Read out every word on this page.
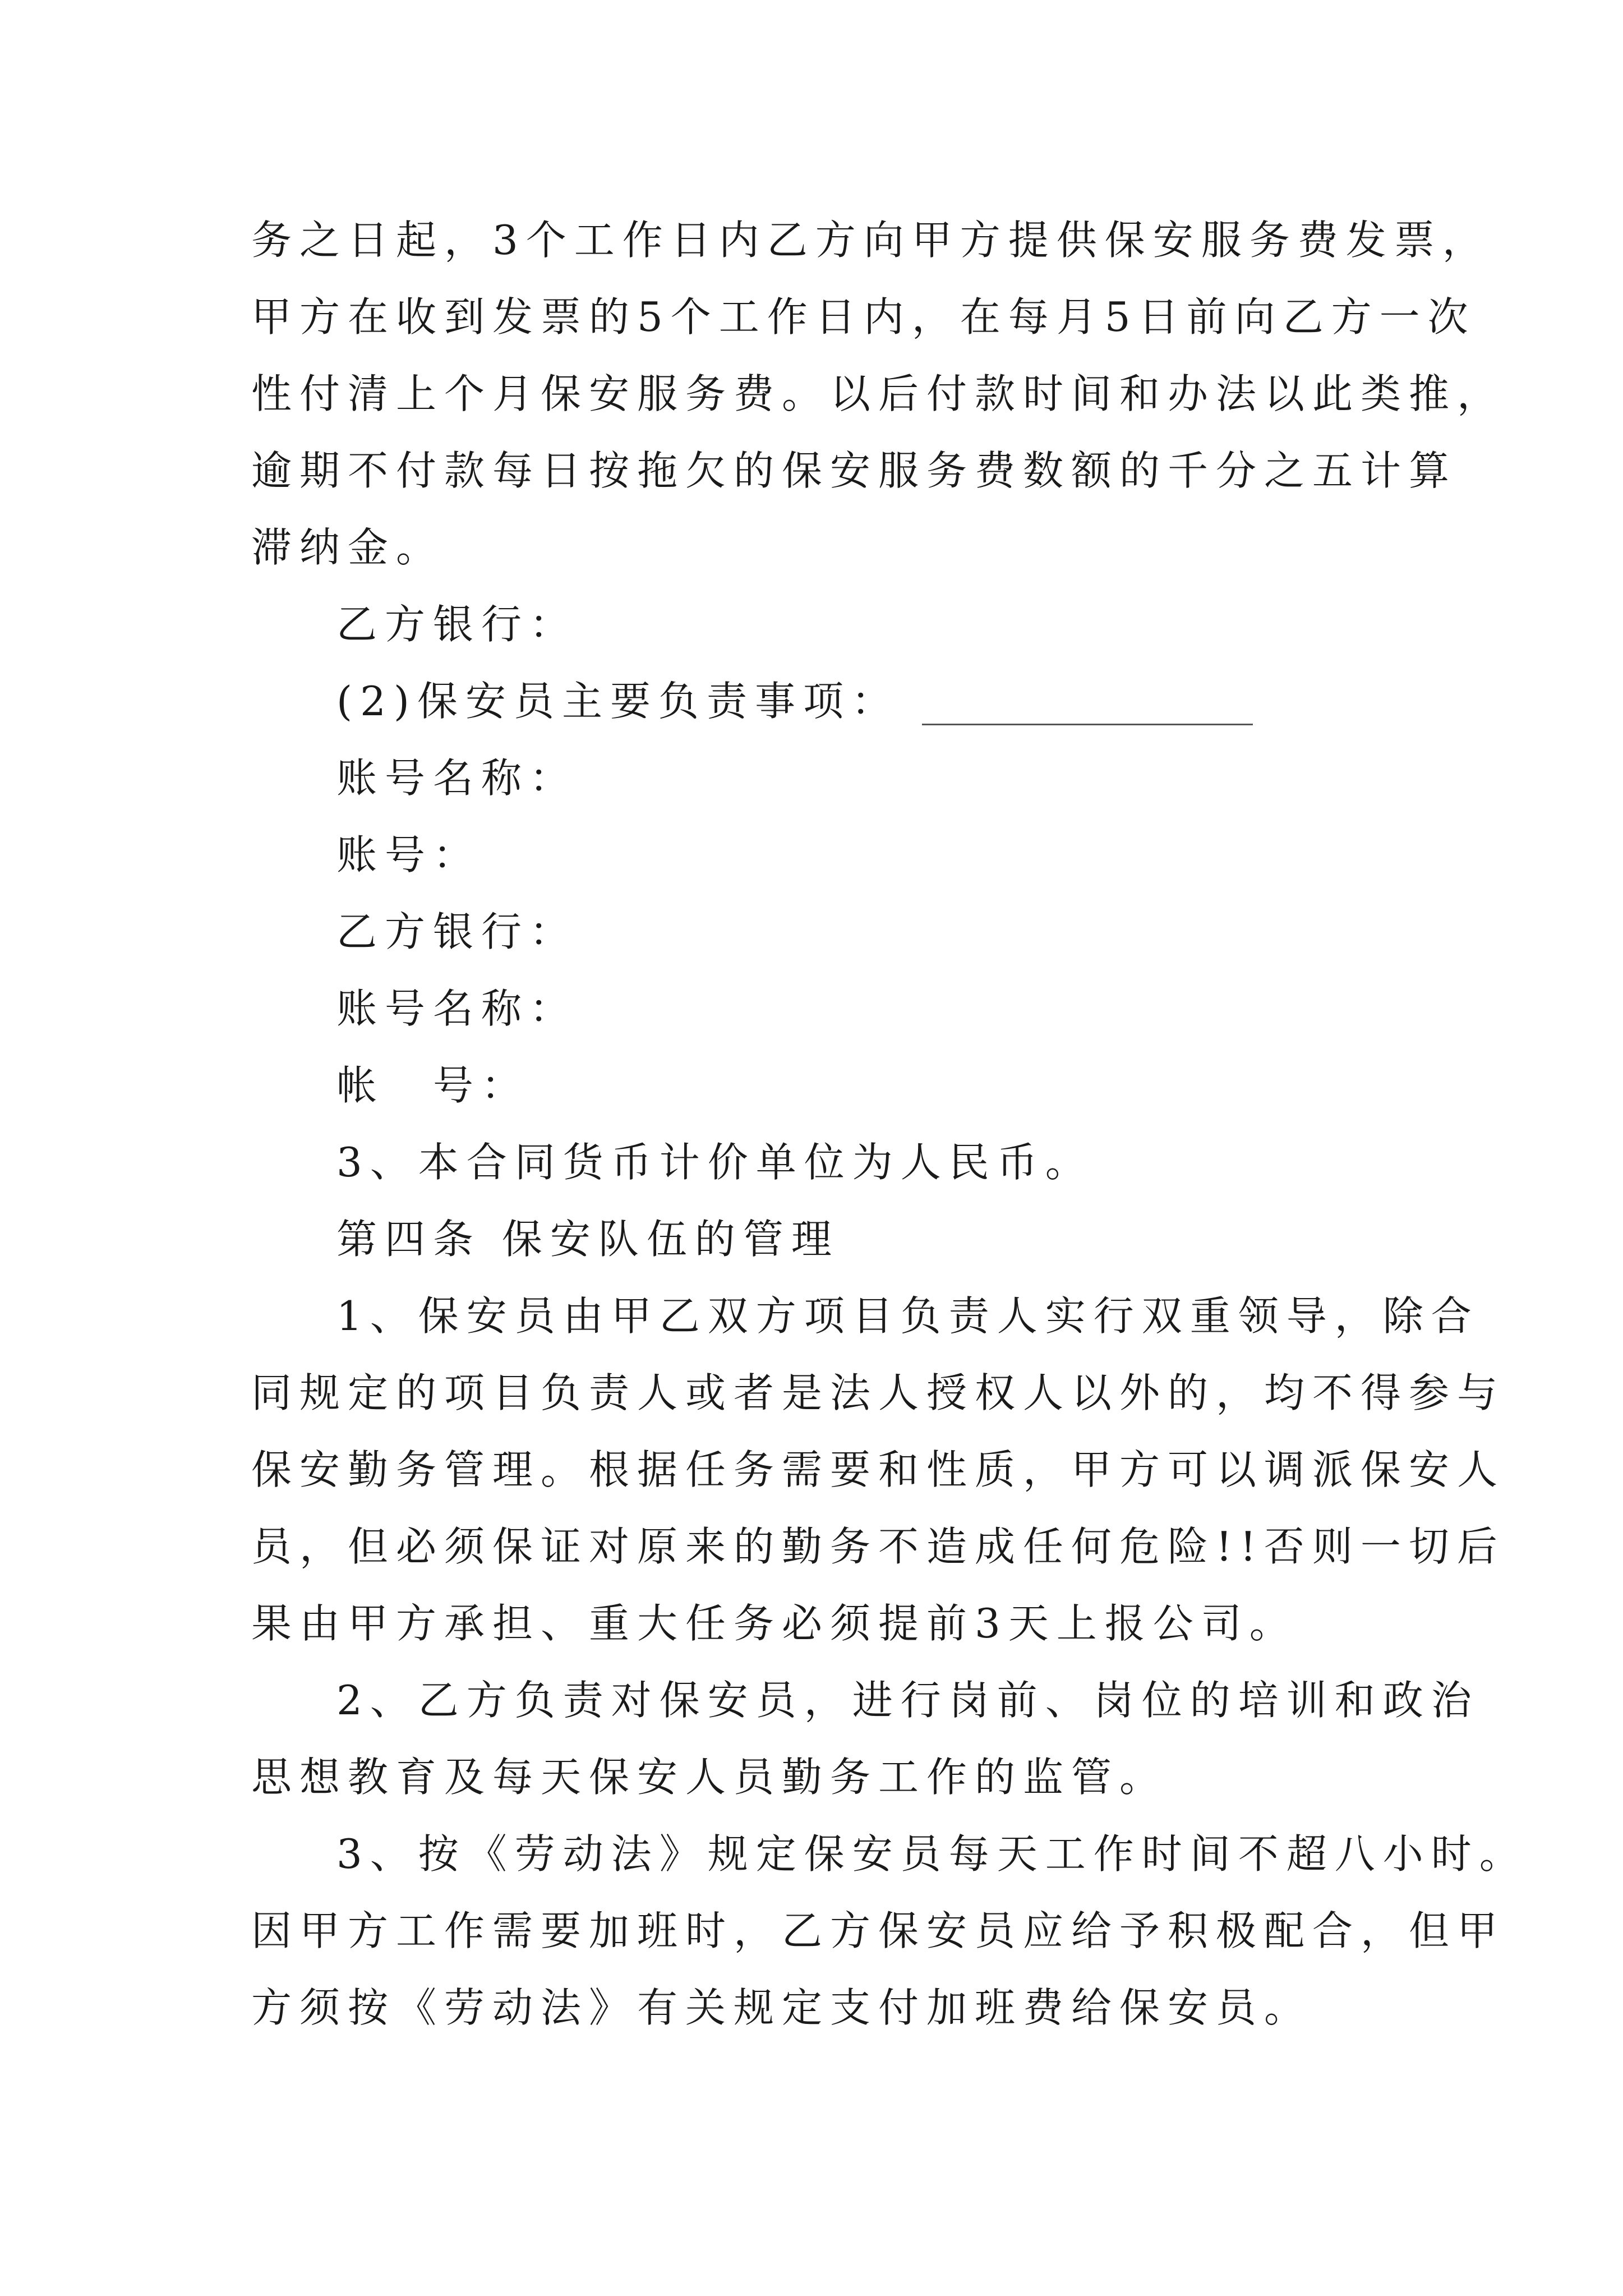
务之日起，3个工作日内乙方向甲方提供保安服务费发票，
甲方在收到发票的5个工作日内，在每月5日前向乙方一次
性付清上个月保安服务费。以后付款时间和办法以此类推，
逾期不付款每日按拖欠的保安服务费数额的千分之五计算
滞纳金。
乙方银行：
(2)保安员主要负责事项：
账号名称：
账号：
乙方银行：
账号名称：
帐　号：
3、本合同货币计价单位为人民币。
第四条 保安队伍的管理
1、保安员由甲乙双方项目负责人实行双重领导，除合
同规定的项目负责人或者是法人授权人以外的，均不得参与
保安勤务管理。根据任务需要和性质，甲方可以调派保安人
员，但必须保证对原来的勤务不造成任何危险!!否则一切后
果由甲方承担、重大任务必须提前3天上报公司。
2、乙方负责对保安员，进行岗前、岗位的培训和政治
思想教育及每天保安人员勤务工作的监管。
3、按《劳动法》规定保安员每天工作时间不超八小时。
因甲方工作需要加班时，乙方保安员应给予积极配合，但甲
方须按《劳动法》有关规定支付加班费给保安员。
